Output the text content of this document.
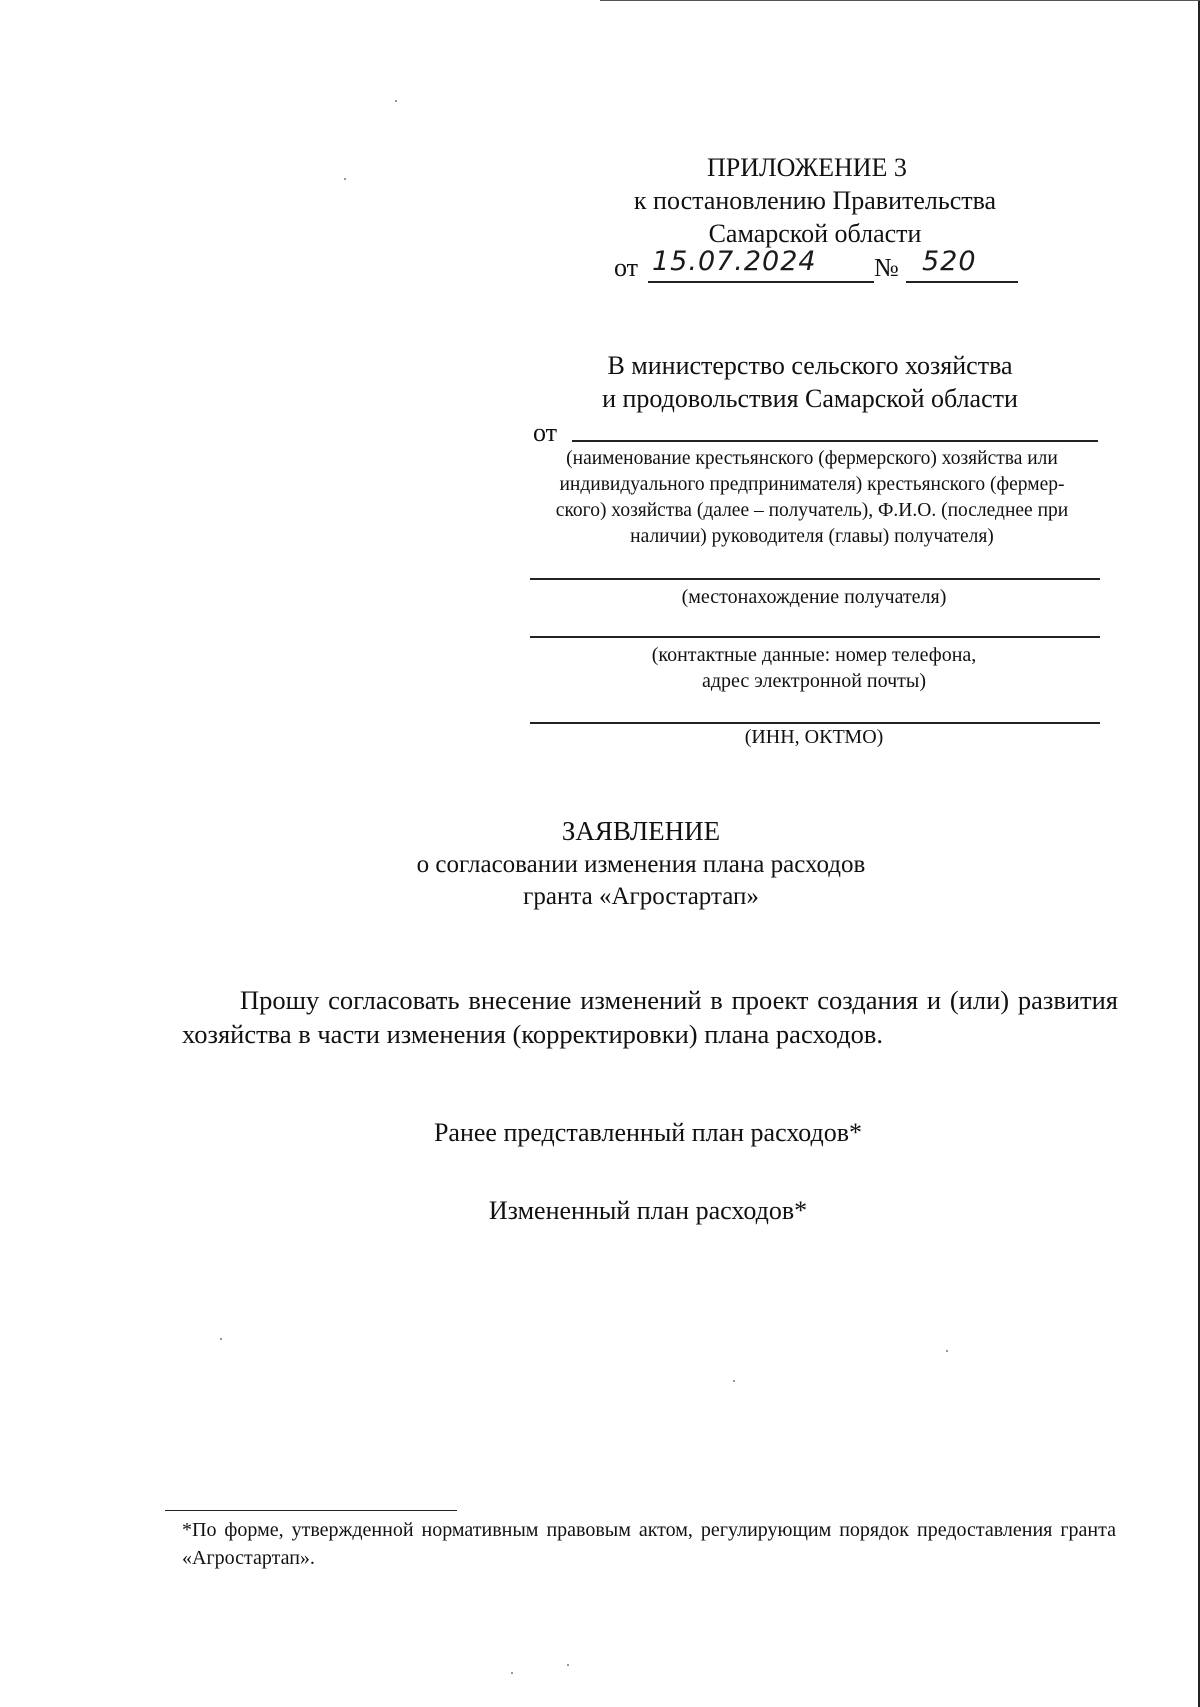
ПРИЛОЖЕНИЕ 3
к постановлению Правительства
Самарской области
от 15.07.2024 № 520
В министерство сельского хозяйства
и продовольствия Самарской области
от
(наименование крестьянского (фермерского) хозяйства или
индивидуального предпринимателя) крестьянского (фермер-
ского) хозяйства (далее – получатель), Ф.И.О. (последнее при
наличии) руководителя (главы) получателя)
(местонахождение получателя)
(контактные данные: номер телефона,
адрес электронной почты)
(ИНН, ОКТМО)
ЗАЯВЛЕНИЕ
о согласовании изменения плана расходов
гранта «Агростартап»
Прошу согласовать внесение изменений в проект создания и (или) развития хозяйства в части изменения (корректировки) плана расходов.
Ранее представленный план расходов*
Измененный план расходов*
*По форме, утвержденной нормативным правовым актом, регулирующим порядок предоставления гранта «Агростартап».
